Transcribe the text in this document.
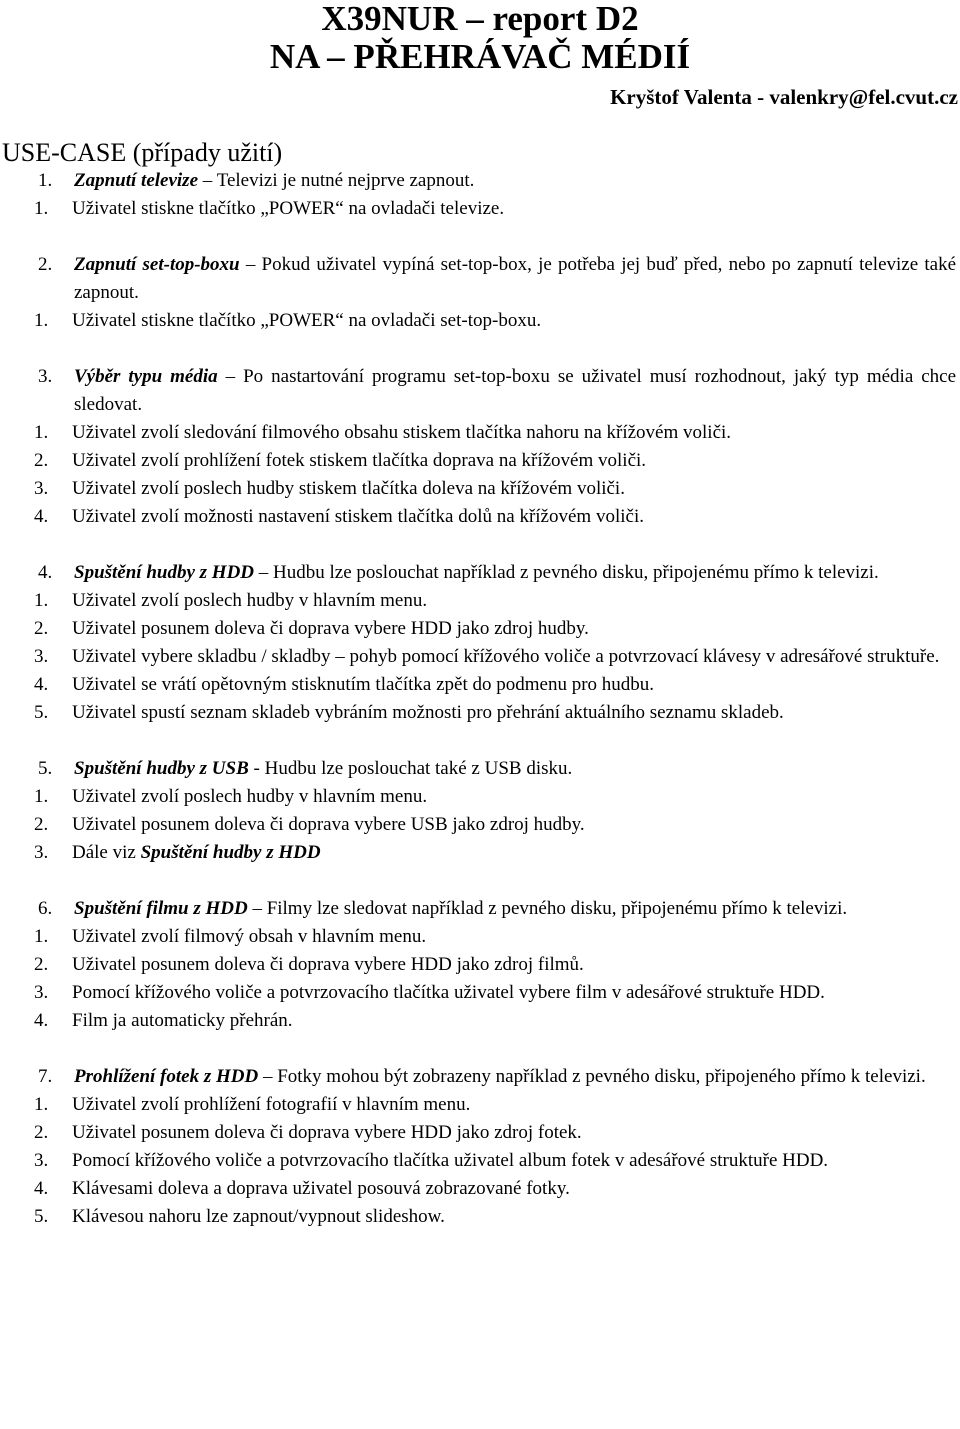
X39NUR – report D2
NA – PŘEHRÁVAČ MÉDIÍ
Kryštof Valenta - valenkry@fel.cvut.cz
USE-CASE (případy užití)
1. Zapnutí televize – Televizi je nutné nejprve zapnout.
1. Uživatel stiskne tlačítko „POWER“ na ovladači televize.
2. Zapnutí set-top-boxu – Pokud uživatel vypíná set-top-box, je potřeba jej buď před, nebo po zapnutí televize také zapnout.
1. Uživatel stiskne tlačítko „POWER“ na ovladači set-top-boxu.
3. Výběr typu média – Po nastartování programu set-top-boxu se uživatel musí rozhodnout, jaký typ média chce sledovat.
1. Uživatel zvolí sledování filmového obsahu stiskem tlačítka nahoru na křížovém voliči.
2. Uživatel zvolí prohlížení fotek stiskem tlačítka doprava na křížovém voliči.
3. Uživatel zvolí poslech hudby stiskem tlačítka doleva na křížovém voliči.
4. Uživatel zvolí možnosti nastavení stiskem tlačítka dolů na křížovém voliči.
4. Spuštění hudby z HDD – Hudbu lze poslouchat například z pevného disku, připojenému přímo k televizi.
1. Uživatel zvolí poslech hudby v hlavním menu.
2. Uživatel posunem doleva či doprava vybere HDD jako zdroj hudby.
3. Uživatel vybere skladbu / skladby – pohyb pomocí křížového voliče a potvrzovací klávesy v adresářové struktuře.
4. Uživatel se vrátí opětovným stisknutím tlačítka zpět do podmenu pro hudbu.
5. Uživatel spustí seznam skladeb vybráním možnosti pro přehrání aktuálního seznamu skladeb.
5. Spuštění hudby z USB - Hudbu lze poslouchat také z USB disku.
1. Uživatel zvolí poslech hudby v hlavním menu.
2. Uživatel posunem doleva či doprava vybere USB jako zdroj hudby.
3. Dále viz Spuštění hudby z HDD
6. Spuštění filmu z HDD – Filmy lze sledovat například z pevného disku, připojenému přímo k televizi.
1. Uživatel zvolí filmový obsah v hlavním menu.
2. Uživatel posunem doleva či doprava vybere HDD jako zdroj filmů.
3. Pomocí křížového voliče a potvrzovacího tlačítka uživatel vybere film v adesářové struktuře HDD.
4. Film ja automaticky přehrán.
7. Prohlížení fotek z HDD – Fotky mohou být zobrazeny například z pevného disku, připojeného přímo k televizi.
1. Uživatel zvolí prohlížení fotografií v hlavním menu.
2. Uživatel posunem doleva či doprava vybere HDD jako zdroj fotek.
3. Pomocí křížového voliče a potvrzovacího tlačítka uživatel album fotek v adesářové struktuře HDD.
4. Klávesami doleva a doprava uživatel posouvá zobrazované fotky.
5. Klávesou nahoru lze zapnout/vypnout slideshow.
